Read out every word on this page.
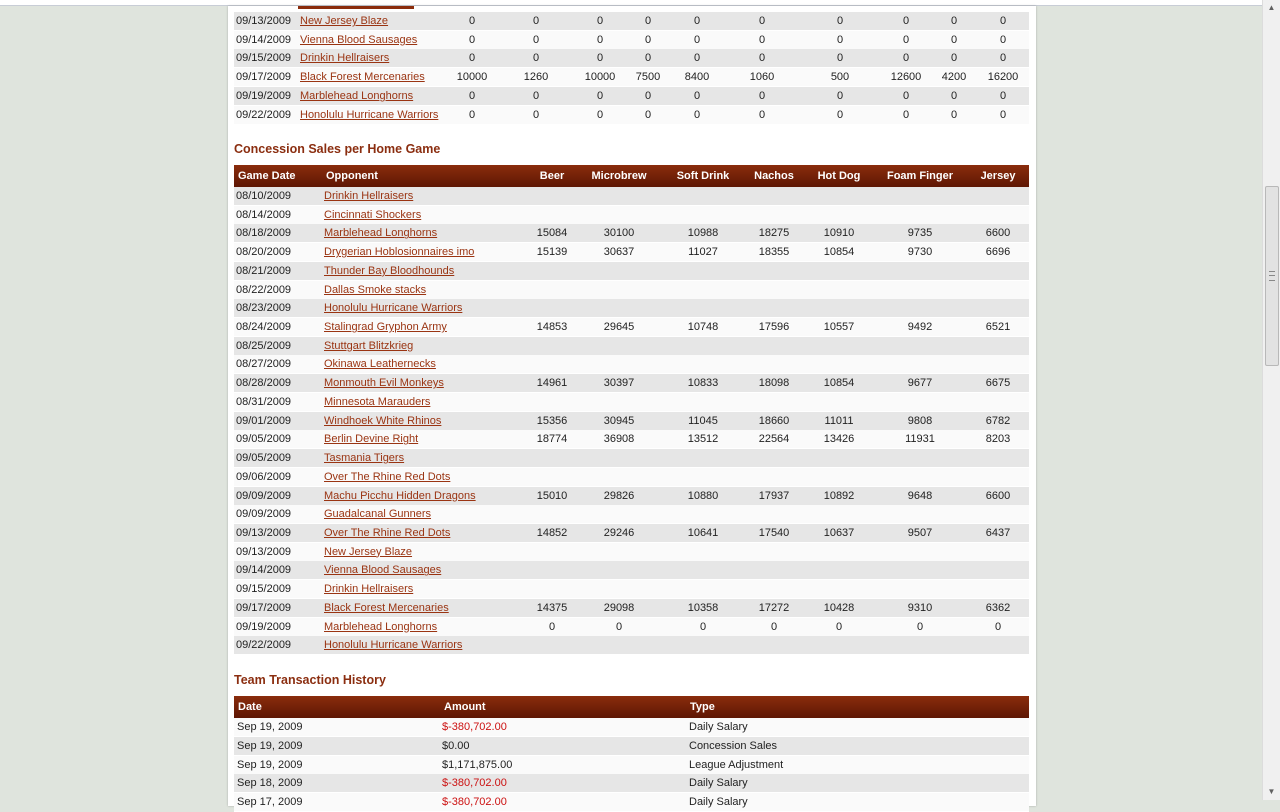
09/13/2009 New Jersey Blaze	0	0	0	0	0	0	0	0	0	0
09/14/2009 Vienna Blood Sausages	0	0	0	0	0	0	0	0	0	0
09/15/2009 Drinkin Hellraisers	0	0	0	0	0	0	0	0	0	0
09/17/2009 Black Forest Mercenaries	10000	1260	10000	7500	8400	1060	500	12600	4200	16200
09/19/2009 Marblehead Longhorns	0	0	0	0	0	0	0	0	0	0
09/22/2009 Honolulu Hurricane Warriors	0	0	0	0	0	0	0	0	0	0
Concession Sales per Home Game
Game Date	Opponent	Beer	Microbrew	Soft Drink	Nachos	Hot Dog	Foam Finger	Jersey
08/10/2009	Drinkin Hellraisers
08/14/2009	Cincinnati Shockers
08/18/2009	Marblehead Longhorns	15084	30100	10988	18275	10910	9735	6600
08/20/2009	Drygerian Hoblosionnaires imo	15139	30637	11027	18355	10854	9730	6696
08/21/2009	Thunder Bay Bloodhounds
08/22/2009	Dallas Smoke stacks
08/23/2009	Honolulu Hurricane Warriors
08/24/2009	Stalingrad Gryphon Army	14853	29645	10748	17596	10557	9492	6521
08/25/2009	Stuttgart Blitzkrieg
08/27/2009	Okinawa Leathernecks
08/28/2009	Monmouth Evil Monkeys	14961	30397	10833	18098	10854	9677	6675
08/31/2009	Minnesota Marauders
09/01/2009	Windhoek White Rhinos	15356	30945	11045	18660	11011	9808	6782
09/05/2009	Berlin Devine Right	18774	36908	13512	22564	13426	11931	8203
09/05/2009	Tasmania Tigers
09/06/2009	Over The Rhine Red Dots
09/09/2009	Machu Picchu Hidden Dragons	15010	29826	10880	17937	10892	9648	6600
09/09/2009	Guadalcanal Gunners
09/13/2009	Over The Rhine Red Dots	14852	29246	10641	17540	10637	9507	6437
09/13/2009	New Jersey Blaze
09/14/2009	Vienna Blood Sausages
09/15/2009	Drinkin Hellraisers
09/17/2009	Black Forest Mercenaries	14375	29098	10358	17272	10428	9310	6362
09/19/2009	Marblehead Longhorns	0	0	0	0	0	0	0
09/22/2009	Honolulu Hurricane Warriors
Team Transaction History
Date	Amount	Type
Sep 19, 2009	$-380,702.00	Daily Salary
Sep 19, 2009	$0.00	Concession Sales
Sep 19, 2009	$1,171,875.00	League Adjustment
Sep 18, 2009	$-380,702.00	Daily Salary
Sep 17, 2009	$-380,702.00	Daily Salary
▲
▼
